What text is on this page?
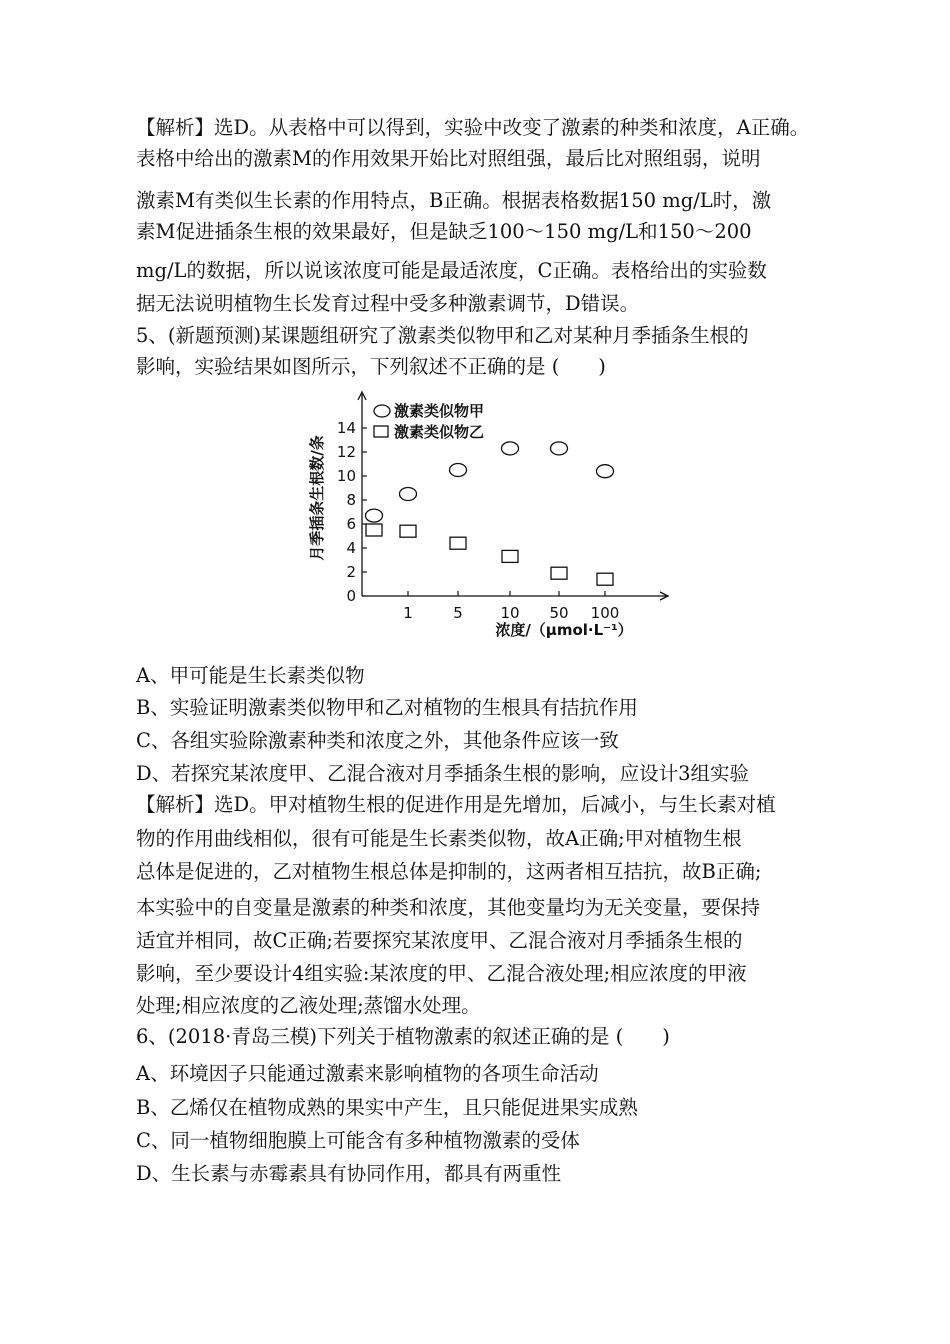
【解析】选D。从表格中可以得到，实验中改变了激素的种类和浓度，A正确。
表格中给出的激素M的作用效果开始比对照组强，最后比对照组弱，说明
激素M有类似生长素的作用特点，B正确。根据表格数据150 mg/L时，激
素M促进插条生根的效果最好，但是缺乏100～150 mg/L和150～200
mg/L的数据，所以说该浓度可能是最适浓度，C正确。表格给出的实验数
据无法说明植物生长发育过程中受多种激素调节，D错误。
5、(新题预测)某课题组研究了激素类似物甲和乙对某种月季插条生根的
影响，实验结果如图所示，下列叙述不正确的是 (　　)
0
2
4
6
8
10
12
14
1	5	10 50 100
激素类似物甲
激素类似物乙
月季插条生根数/条
浓度/（μmol·L⁻¹）
A、甲可能是生长素类似物
B、实验证明激素类似物甲和乙对植物的生根具有拮抗作用
C、各组实验除激素种类和浓度之外，其他条件应该一致
D、若探究某浓度甲、乙混合液对月季插条生根的影响，应设计3组实验
【解析】选D。甲对植物生根的促进作用是先增加，后减小，与生长素对植
物的作用曲线相似，很有可能是生长素类似物，故A正确;甲对植物生根
总体是促进的，乙对植物生根总体是抑制的，这两者相互拮抗，故B正确;
本实验中的自变量是激素的种类和浓度，其他变量均为无关变量，要保持
适宜并相同，故C正确;若要探究某浓度甲、乙混合液对月季插条生根的
影响，至少要设计4组实验:某浓度的甲、乙混合液处理;相应浓度的甲液
处理;相应浓度的乙液处理;蒸馏水处理。
6、(2018·青岛三模)下列关于植物激素的叙述正确的是 (　　)
A、环境因子只能通过激素来影响植物的各项生命活动
B、乙烯仅在植物成熟的果实中产生，且只能促进果实成熟
C、同一植物细胞膜上可能含有多种植物激素的受体
D、生长素与赤霉素具有协同作用，都具有两重性
